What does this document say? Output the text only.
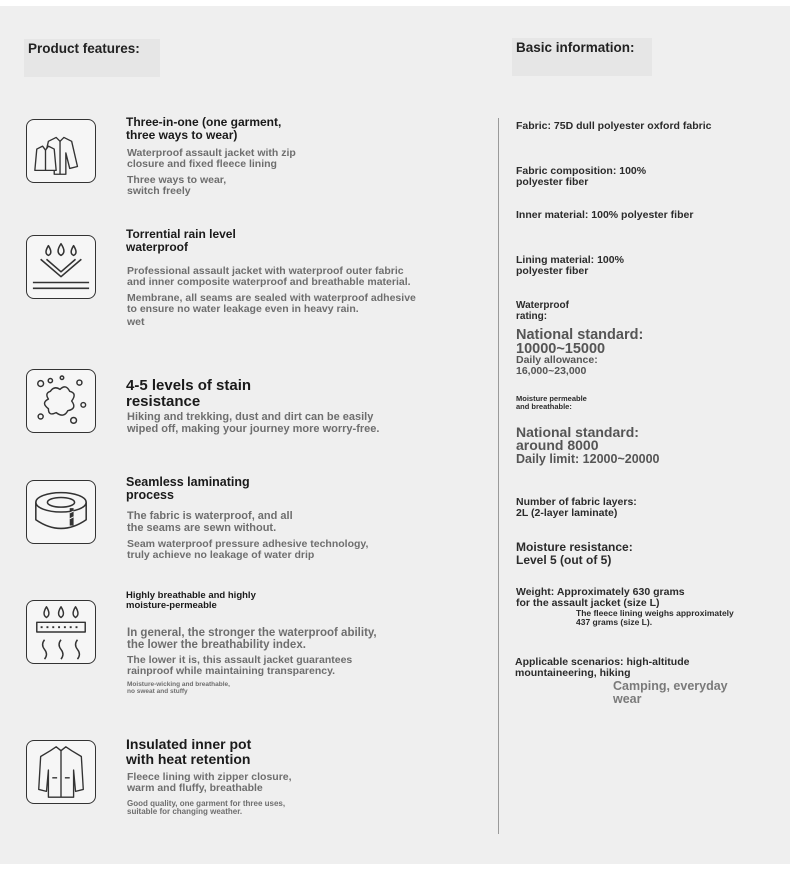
Product features:	Basic information:
Three-in-one (one garment,
three ways to wear)
Waterproof assault jacket with zip
closure and fixed fleece lining
Three ways to wear,
switch freely
Torrential rain level
waterproof
Professional assault jacket with waterproof outer fabric
and inner composite waterproof and breathable material.
Membrane, all seams are sealed with waterproof adhesive
to ensure no water leakage even in heavy rain.
wet
4-5 levels of stain
resistance
Hiking and trekking, dust and dirt can be easily
wiped off, making your journey more worry-free.
Seamless laminating
process
The fabric is waterproof, and all
the seams are sewn without.
Seam waterproof pressure adhesive technology,
truly achieve no leakage of water drip
Highly breathable and highly
moisture-permeable
In general, the stronger the waterproof ability,
the lower the breathability index.
The lower it is, this assault jacket guarantees
rainproof while maintaining transparency.
Moisture-wicking and breathable,
no sweat and stuffy
Insulated inner pot
with heat retention
Fleece lining with zipper closure,
warm and fluffy, breathable
Good quality, one garment for three uses,
suitable for changing weather.
Fabric: 75D dull polyester oxford fabric
Fabric composition: 100%
polyester fiber
Inner material: 100% polyester fiber
Lining material: 100%
polyester fiber
Waterproof
rating:
National standard:
10000~15000
Daily allowance:
16,000~23,000
Moisture permeable
and breathable:
National standard:
around 8000
Daily limit: 12000~20000
Number of fabric layers:
2L (2-layer laminate)
Moisture resistance:
Level 5 (out of 5)
Weight: Approximately 630 grams
for the assault jacket (size L)
The fleece lining weighs approximately
437 grams (size L).
Applicable scenarios: high-altitude
mountaineering, hiking
Camping, everyday
wear
